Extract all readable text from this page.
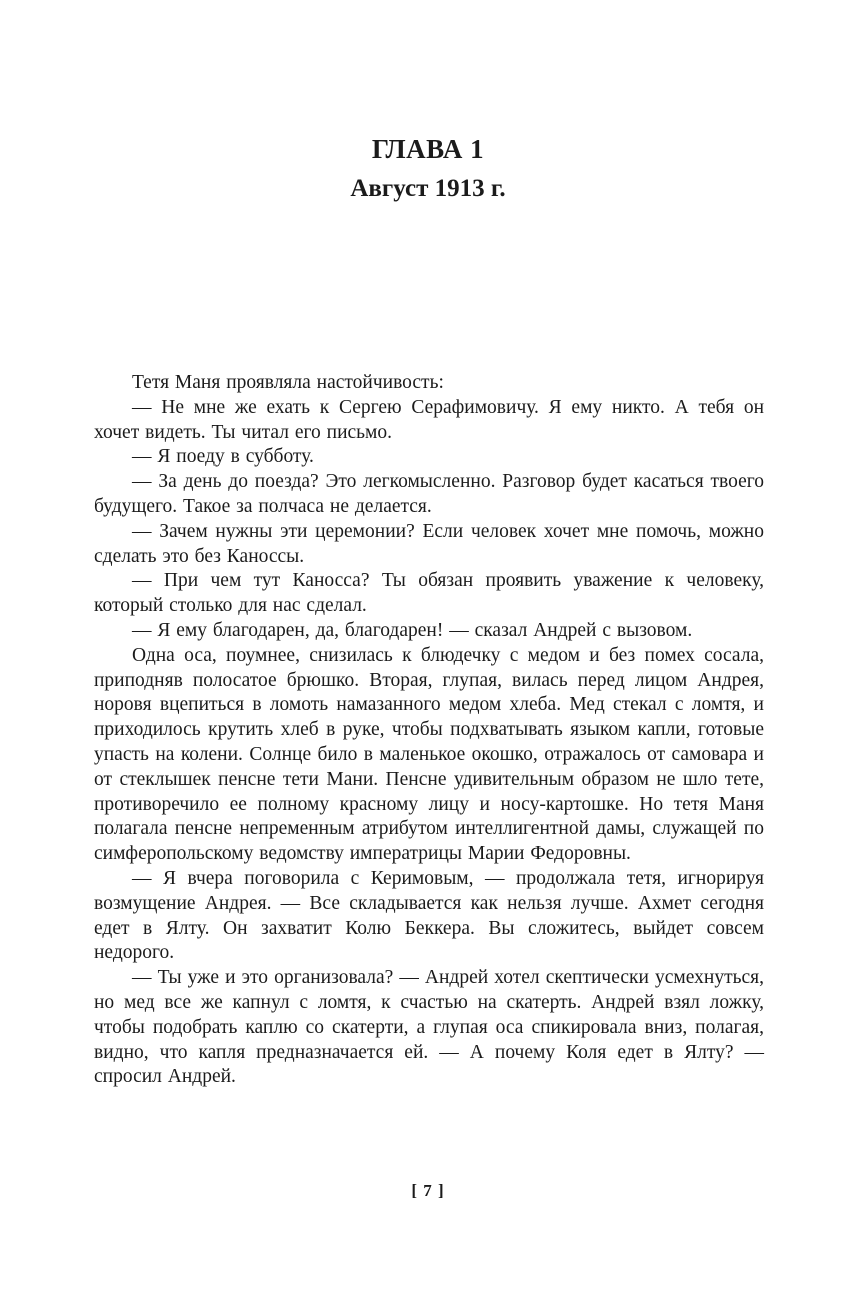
ГЛАВА 1
Август 1913 г.

Тетя Маня проявляла настойчивость:

— Не мне же ехать к Сергею Серафимовичу. Я ему никто. А тебя он хочет видеть. Ты читал его письмо.

— Я поеду в субботу.

— За день до поезда? Это легкомысленно. Разговор будет касаться твоего будущего. Такое за полчаса не делается.

— Зачем нужны эти церемонии? Если человек хочет мне помочь, можно сделать это без Каноссы.

— При чем тут Каносса? Ты обязан проявить уважение к человеку, который столько для нас сделал.

— Я ему благодарен, да, благодарен! — сказал Андрей с вызовом.

Одна оса, поумнее, снизилась к блюдечку с медом и без помех сосала, приподняв полосатое брюшко. Вторая, глупая, вилась перед лицом Андрея, норовя вцепиться в ломоть намазанного медом хлеба. Мед стекал с ломтя, и приходилось крутить хлеб в руке, чтобы подхватывать языком капли, готовые упасть на колени. Солнце било в маленькое окошко, отражалось от самовара и от стеклышек пенсне тети Мани. Пенсне удивительным образом не шло тете, противоречило ее полному красному лицу и носу-картошке. Но тетя Маня полагала пенсне непременным атрибутом интеллигентной дамы, служащей по симферопольскому ведомству императрицы Марии Федоровны.

— Я вчера поговорила с Керимовым, — продолжала тетя, игнорируя возмущение Андрея. — Все складывается как нельзя лучше. Ахмет сегодня едет в Ялту. Он захватит Колю Беккера. Вы сложитесь, выйдет совсем недорого.

— Ты уже и это организовала? — Андрей хотел скептически усмехнуться, но мед все же капнул с ломтя, к счастью на скатерть. Андрей взял ложку, чтобы подобрать каплю со скатерти, а глупая оса спикировала вниз, полагая, видно, что капля предназначается ей. — А почему Коля едет в Ялту? — спросил Андрей.

[ 7 ]
